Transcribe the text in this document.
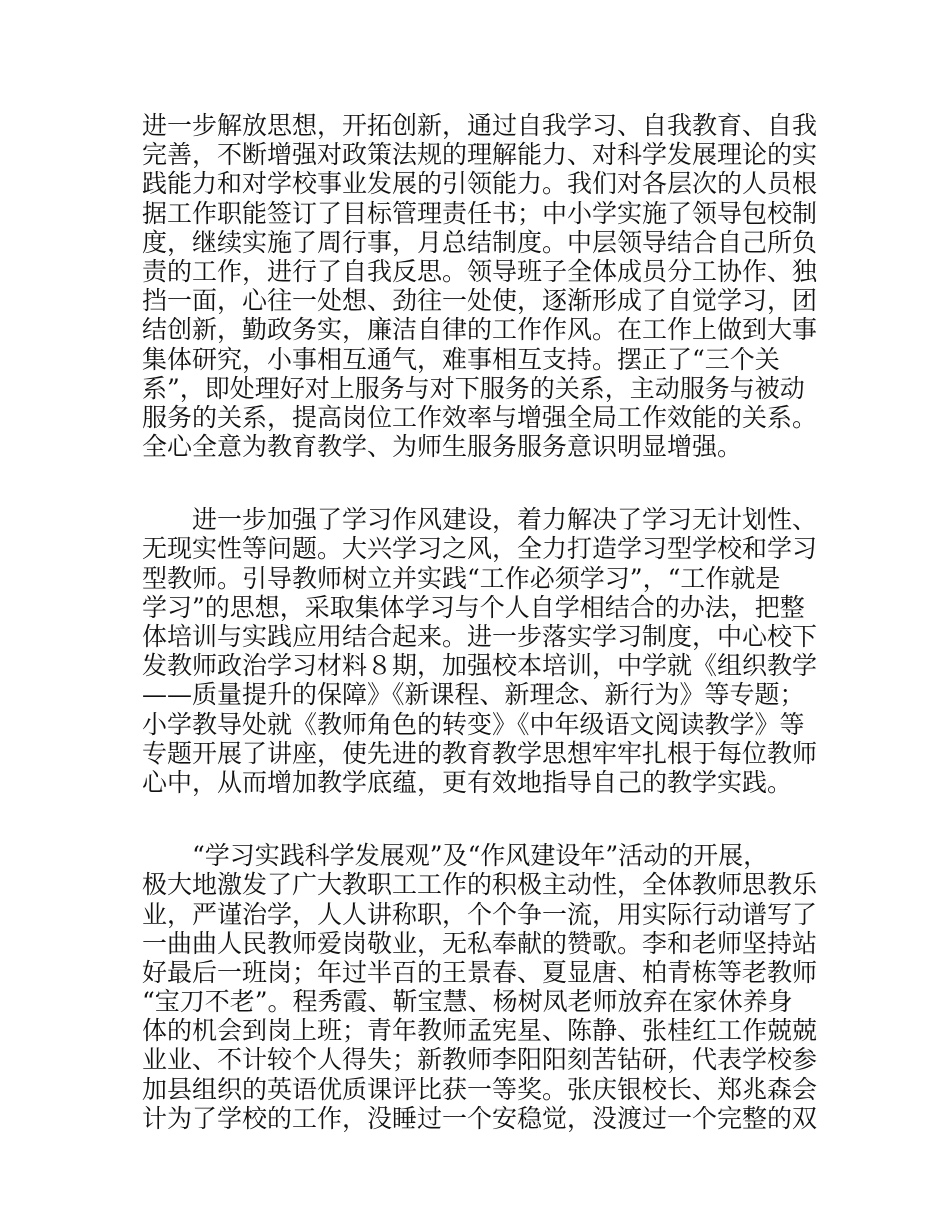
进一步解放思想，开拓创新，通过自我学习、自我教育、自我
完善，不断增强对政策法规的理解能力、对科学发展理论的实
践能力和对学校事业发展的引领能力。我们对各层次的人员根
据工作职能签订了目标管理责任书；中小学实施了领导包校制
度，继续实施了周行事，月总结制度。中层领导结合自己所负
责的工作，进行了自我反思。领导班子全体成员分工协作、独
挡一面，心往一处想、劲往一处使，逐渐形成了自觉学习，团
结创新，勤政务实，廉洁自律的工作作风。在工作上做到大事
集体研究，小事相互通气，难事相互支持。摆正了“三个关
系”，即处理好对上服务与对下服务的关系，主动服务与被动
服务的关系，提高岗位工作效率与增强全局工作效能的关系。
全心全意为教育教学、为师生服务服务意识明显增强。
　　进一步加强了学习作风建设，着力解决了学习无计划性、
无现实性等问题。大兴学习之风，全力打造学习型学校和学习
型教师。引导教师树立并实践“工作必须学习”，“工作就是
学习”的思想，采取集体学习与个人自学相结合的办法，把整
体培训与实践应用结合起来。进一步落实学习制度，中心校下
发教师政治学习材料８期，加强校本培训，中学就《组织教学
——质量提升的保障》《新课程、新理念、新行为》等专题；
小学教导处就《教师角色的转变》《中年级语文阅读教学》等
专题开展了讲座，使先进的教育教学思想牢牢扎根于每位教师
心中，从而增加教学底蕴，更有效地指导自己的教学实践。
　　“学习实践科学发展观”及“作风建设年”活动的开展，
极大地激发了广大教职工工作的积极主动性，全体教师思教乐
业，严谨治学，人人讲称职，个个争一流，用实际行动谱写了
一曲曲人民教师爱岗敬业，无私奉献的赞歌。李和老师坚持站
好最后一班岗；年过半百的王景春、夏显唐、柏青栋等老教师
“宝刀不老”。程秀霞、靳宝慧、杨树凤老师放弃在家休养身
体的机会到岗上班；青年教师孟宪星、陈静、张桂红工作兢兢
业业、不计较个人得失；新教师李阳阳刻苦钻研，代表学校参
加县组织的英语优质课评比获一等奖。张庆银校长、郑兆森会
计为了学校的工作，没睡过一个安稳觉，没渡过一个完整的双
